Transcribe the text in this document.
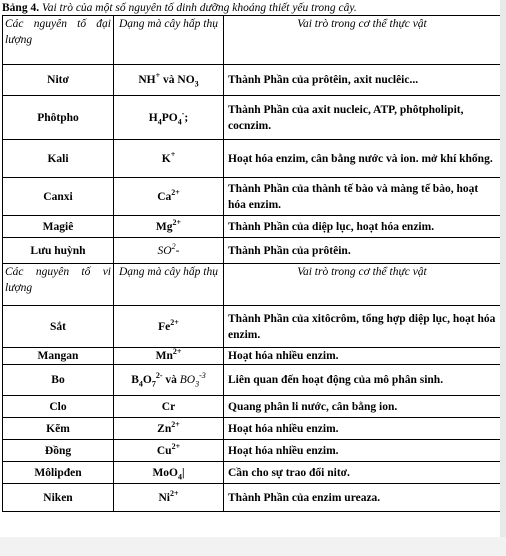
Bảng 4. Vai trò của một số nguyên tố dinh dưỡng khoáng thiết yếu trong cây.
Các nguyên tố đại lượng	Dạng mà cây hấp thụ	Vai trò trong cơ thể thực vật
Nitơ	NH+ và $NO_3$	Thành Phần của prôtêin, axit nuclêic...
Phôtpho	$H_4PO_4^-$;	Thành Phần của axit nucleic, ATP, phôtpholipit, cocnzim.
Kali	K+	Hoạt hóa enzim, cân bằng nước và ion. mở khí khổng.
Canxi	$Ca^{2+}$	Thành Phần của thành tế bào và màng tế bào, hoạt hóa enzim.
Magiê	$Mg^{2+}$	Thành Phần của diệp lục, hoạt hóa enzim.
Lưu huỳnh	$SO^2-$	Thành Phần của prôtêin.
Các nguyên tố vi lượng	Dạng mà cây hấp thụ	Vai trò trong cơ thể thực vật
Sắt	$Fe^{2+}$	Thành Phần của xitôcrôm, tổng hợp diệp lục, hoạt hóa enzim.
Mangan	$Mn^{2+}$	Hoạt hóa nhiều enzim.
Bo	$B_4O_7^{2-}$ và $BO_3^{-3}$	Liên quan đến hoạt động của mô phân sinh.
Clo	Cr	Quang phân li nước, cân bằng ion.
Kẽm	$Zn^{2+}$	Hoạt hóa nhiều enzim.
Đồng	$Cu^{2+}$	Hoạt hóa nhiều enzim.
Môlipđen	MoO$_4$|	Cần cho sự trao đổi nitơ.
Niken	$Ni^{2+}$	Thành Phần của enzim ureaza.
